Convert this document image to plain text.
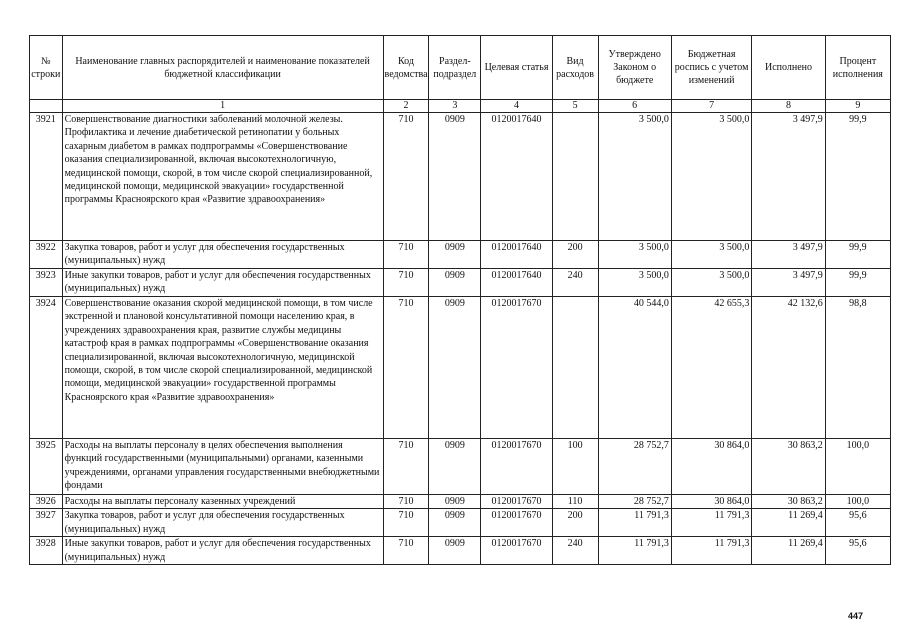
№ строки	Наименование главных распорядителей и наименование показателей бюджетной классификации	Код ведомства	Раздел-подраздел	Целевая статья	Вид расходов	Утверждено Законом о бюджете	Бюджетная роспись с учетом изменений	Исполнено	Процент исполнения
	1	2	3	4	5	6	7	8	9
3921	Совершенствование диагностики заболеваний молочной железы. Профилактика и лечение диабетической ретинопатии у больных сахарным диабетом в рамках подпрограммы «Совершенствование оказания специализированной, включая высокотехнологичную, медицинской помощи, скорой, в том числе скорой специализированной, медицинской помощи, медицинской эвакуации» государственной программы Красноярского края «Развитие здравоохранения»	710	0909	0120017640		3 500,0	3 500,0	3 497,9	99,9
3922	Закупка товаров, работ и услуг для обеспечения государственных (муниципальных) нужд	710	0909	0120017640	200	3 500,0	3 500,0	3 497,9	99,9
3923	Иные закупки товаров, работ и услуг для обеспечения государственных (муниципальных) нужд	710	0909	0120017640	240	3 500,0	3 500,0	3 497,9	99,9
3924	Совершенствование оказания скорой медицинской помощи, в том числе экстренной и плановой консультативной помощи населению края, в учреждениях здравоохранения края, развитие службы медицины катастроф края в рамках подпрограммы «Совершенствование оказания специализированной, включая высокотехнологичную, медицинской помощи, скорой, в том числе скорой специализированной, медицинской помощи, медицинской эвакуации» государственной программы Красноярского края «Развитие здравоохранения»	710	0909	0120017670		40 544,0	42 655,3	42 132,6	98,8
3925	Расходы на выплаты персоналу в целях обеспечения выполнения функций государственными (муниципальными) органами, казенными учреждениями, органами управления государственными внебюджетными фондами	710	0909	0120017670	100	28 752,7	30 864,0	30 863,2	100,0
3926	Расходы на выплаты персоналу казенных учреждений	710	0909	0120017670	110	28 752,7	30 864,0	30 863,2	100,0
3927	Закупка товаров, работ и услуг для обеспечения государственных (муниципальных) нужд	710	0909	0120017670	200	11 791,3	11 791,3	11 269,4	95,6
3928	Иные закупки товаров, работ и услуг для обеспечения государственных (муниципальных) нужд	710	0909	0120017670	240	11 791,3	11 791,3	11 269,4	95,6
447
